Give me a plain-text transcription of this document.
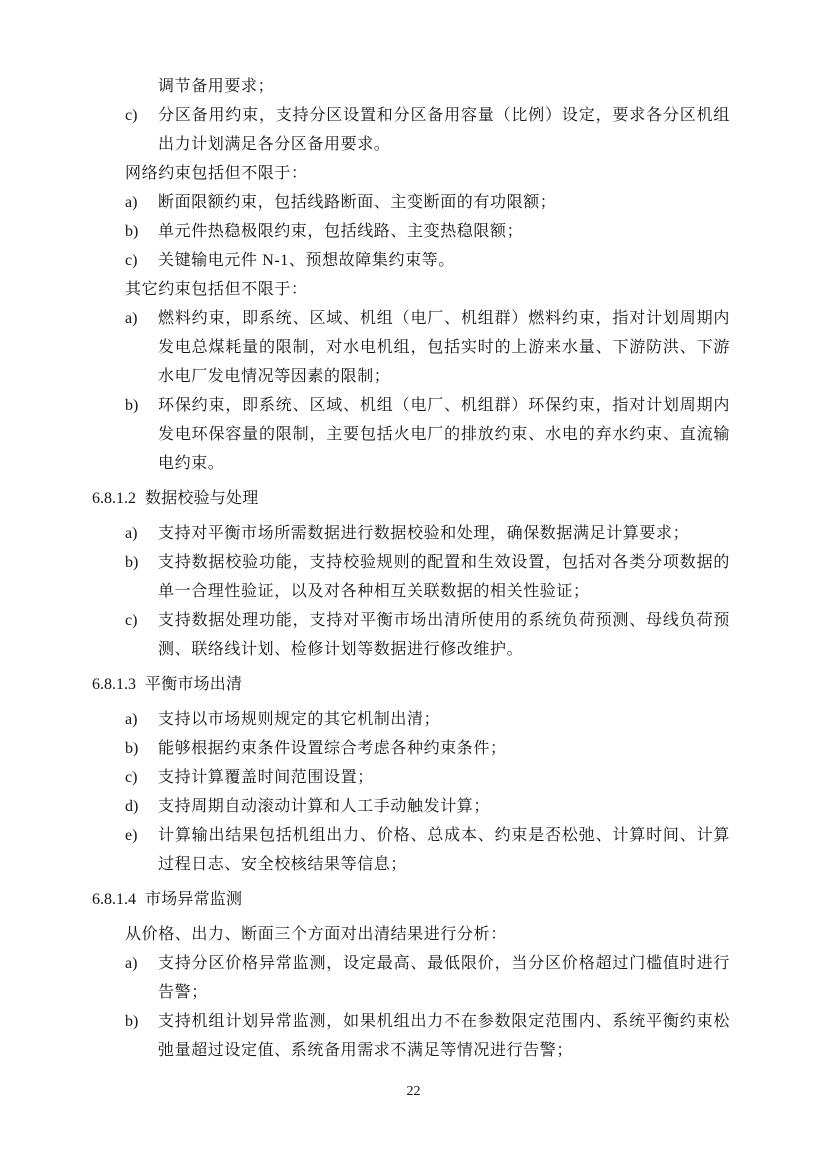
调节备用要求；
c)	分区备用约束，支持分区设置和分区备用容量（比例）设定，要求各分区机组出力计划满足各分区备用要求。
网络约束包括但不限于：
a)	断面限额约束，包括线路断面、主变断面的有功限额；
b)	单元件热稳极限约束，包括线路、主变热稳限额；
c)	关键输电元件 N-1、预想故障集约束等。
其它约束包括但不限于：
a)	燃料约束，即系统、区域、机组（电厂、机组群）燃料约束，指对计划周期内发电总煤耗量的限制，对水电机组，包括实时的上游来水量、下游防洪、下游水电厂发电情况等因素的限制；
b)	环保约束，即系统、区域、机组（电厂、机组群）环保约束，指对计划周期内发电环保容量的限制，主要包括火电厂的排放约束、水电的弃水约束、直流输电约束。
6.8.1.2 数据校验与处理
a)	支持对平衡市场所需数据进行数据校验和处理，确保数据满足计算要求；
b)	支持数据校验功能，支持校验规则的配置和生效设置，包括对各类分项数据的单一合理性验证，以及对各种相互关联数据的相关性验证；
c)	支持数据处理功能，支持对平衡市场出清所使用的系统负荷预测、母线负荷预测、联络线计划、检修计划等数据进行修改维护。
6.8.1.3 平衡市场出清
a)	支持以市场规则规定的其它机制出清；
b)	能够根据约束条件设置综合考虑各种约束条件；
c)	支持计算覆盖时间范围设置；
d)	支持周期自动滚动计算和人工手动触发计算；
e)	计算输出结果包括机组出力、价格、总成本、约束是否松弛、计算时间、计算过程日志、安全校核结果等信息；
6.8.1.4 市场异常监测
从价格、出力、断面三个方面对出清结果进行分析：
a)	支持分区价格异常监测，设定最高、最低限价，当分区价格超过门槛值时进行告警；
b)	支持机组计划异常监测，如果机组出力不在参数限定范围内、系统平衡约束松弛量超过设定值、系统备用需求不满足等情况进行告警；
22
